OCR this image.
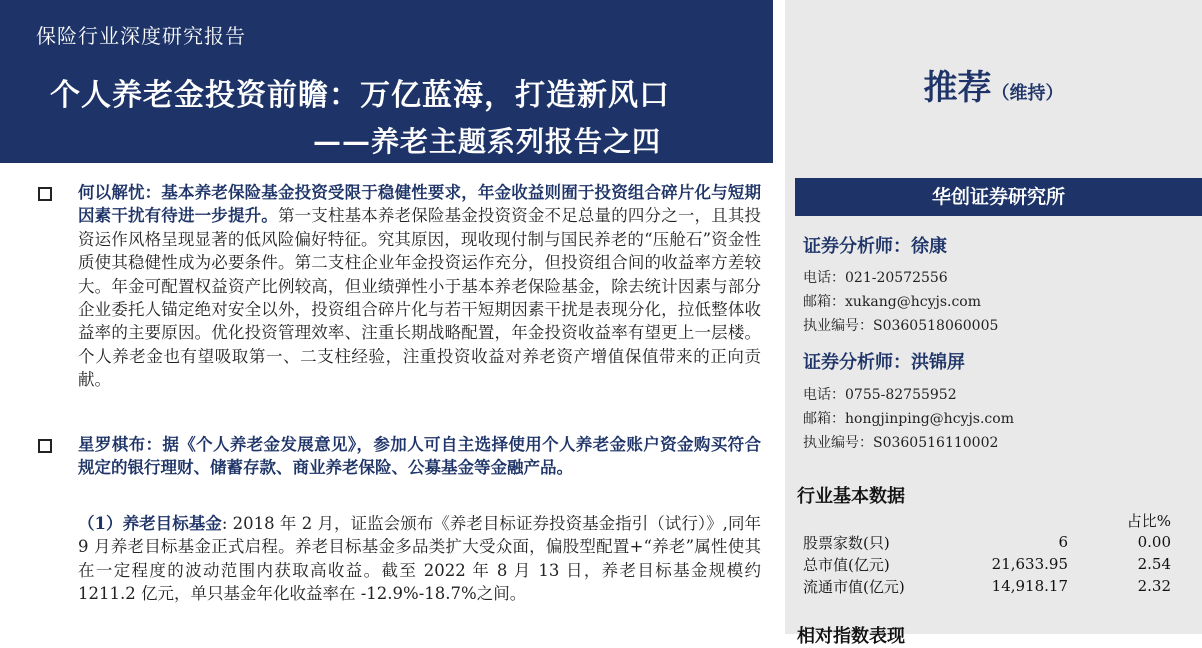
保险行业深度研究报告
个人养老金投资前瞻：万亿蓝海，打造新风口
——养老主题系列报告之四
推荐（维持）
华创证券研究所
证券分析师：徐康
电话：021-20572556
邮箱：xukang@hcyjs.com
执业编号：S0360518060005
证券分析师：洪锦屏
电话：0755-82755952
邮箱：hongjinping@hcyjs.com
执业编号：S0360516110002
行业基本数据
		占比%
股票家数(只)	6	0.00
总市值(亿元)	21,633.95	2.54
流通市值(亿元)	14,918.17	2.32
相对指数表现
何以解忧：基本养老保险基金投资受限于稳健性要求，年金收益则囿于投资组合碎片化与短期因素干扰有待进一步提升。第一支柱基本养老保险基金投资资金不足总量的四分之一，且其投资运作风格呈现显著的低风险偏好特征。究其原因，现收现付制与国民养老的“压舱石”资金性质使其稳健性成为必要条件。第二支柱企业年金投资运作充分，但投资组合间的收益率方差较大。年金可配置权益资产比例较高，但业绩弹性小于基本养老保险基金，除去统计因素与部分企业委托人锚定绝对安全以外，投资组合碎片化与若干短期因素干扰是表现分化，拉低整体收益率的主要原因。优化投资管理效率、注重长期战略配置，年金投资收益率有望更上一层楼。个人养老金也有望吸取第一、二支柱经验，注重投资收益对养老资产增值保值带来的正向贡献。
星罗棋布：据《个人养老金发展意见》，参加人可自主选择使用个人养老金账户资金购买符合规定的银行理财、储蓄存款、商业养老保险、公募基金等金融产品。
（1）养老目标基金: 2018 年 2 月，证监会颁布《养老目标证券投资基金指引（试行）》,同年 9 月养老目标基金正式启程。养老目标基金多品类扩大受众面，偏股型配置+“养老”属性使其在一定程度的波动范围内获取高收益。截至 2022 年 8 月 13 日，养老目标基金规模约 1211.2 亿元，单只基金年化收益率在 -12.9%-18.7%之间。
